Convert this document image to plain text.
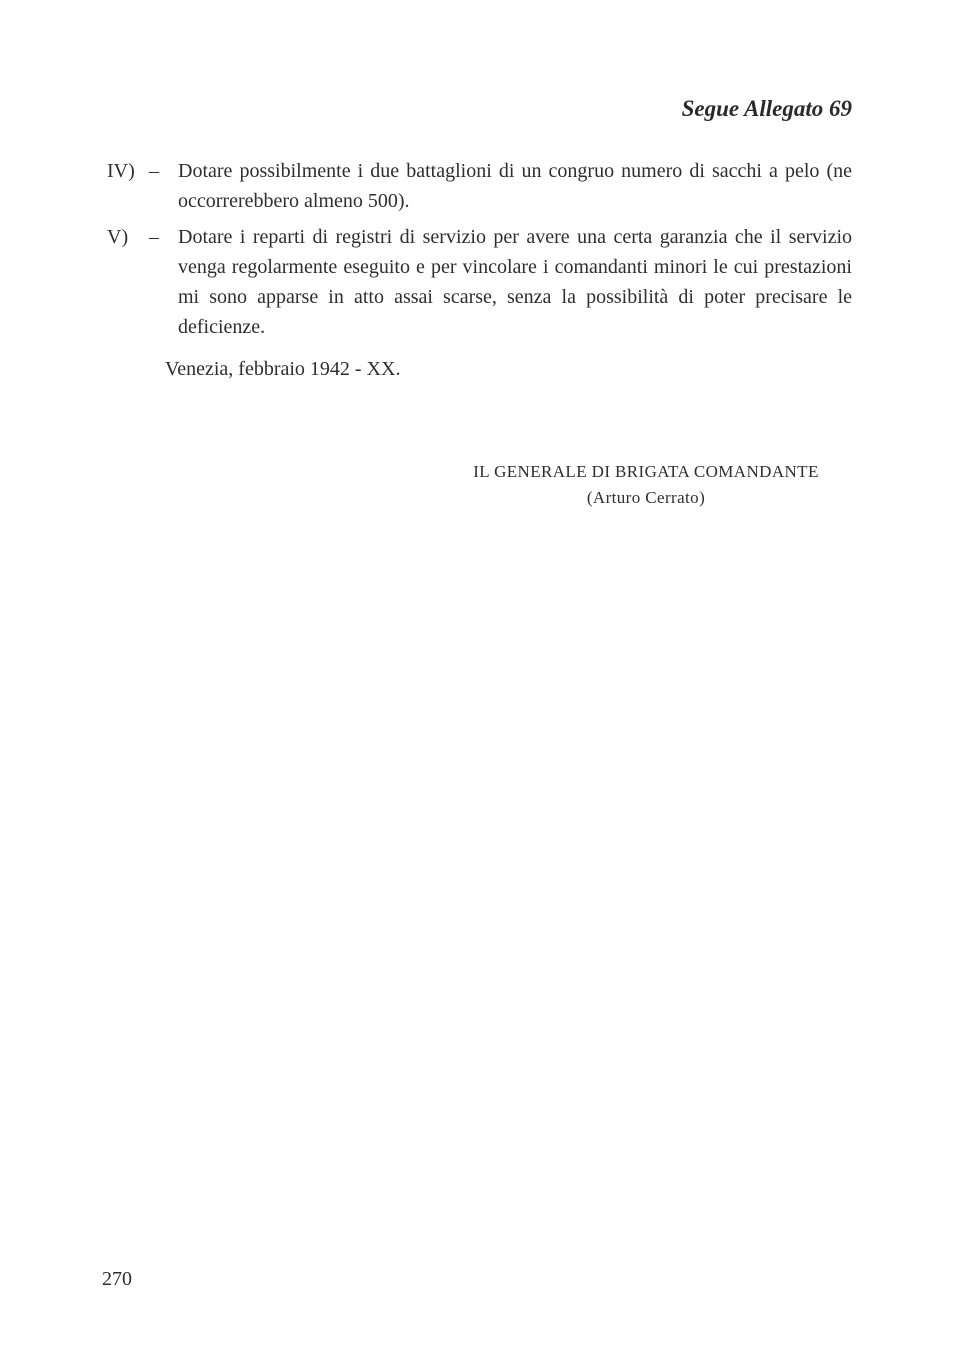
Segue Allegato 69
IV) – Dotare possibilmente i due battaglioni di un congruo numero di sacchi a pelo (ne occorrerebbero almeno 500).
V) – Dotare i reparti di registri di servizio per avere una certa garanzia che il servizio venga regolarmente eseguito e per vincolare i comandanti minori le cui prestazioni mi sono apparse in atto assai scarse, senza la possibilità di poter precisare le deficienze.
Venezia, febbraio 1942 - XX.
IL GENERALE DI BRIGATA COMANDANTE
(Arturo Cerrato)
270
